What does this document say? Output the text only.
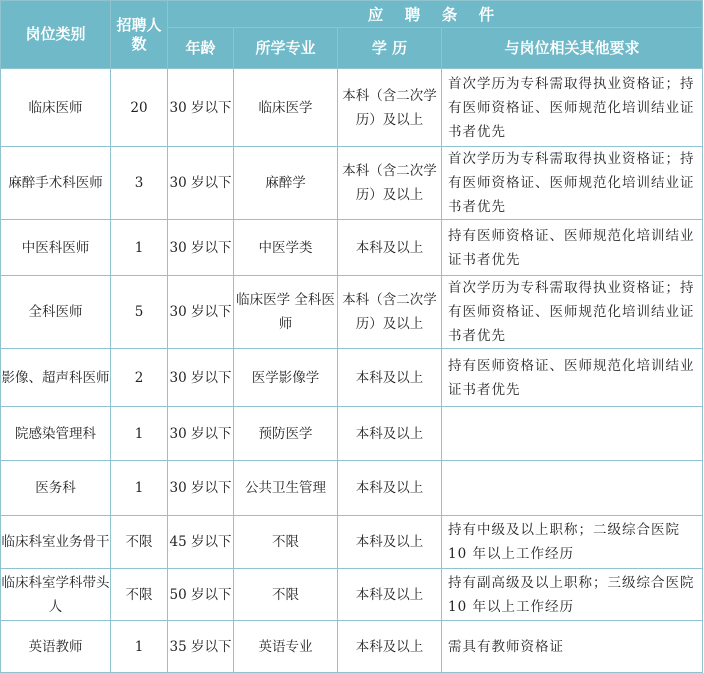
岗位类别	招聘人数	应 聘 条 件			
		年龄	所学专业	学 历	与岗位相关其他要求
临床医师	20	30 岁以下	临床医学	本科（含二次学历）及以上	首次学历为专科需取得执业资格证；持有医师资格证、医师规范化培训结业证书者优先
麻醉手术科医师	3	30 岁以下	麻醉学	本科（含二次学历）及以上	首次学历为专科需取得执业资格证；持有医师资格证、医师规范化培训结业证书者优先
中医科医师	1	30 岁以下	中医学类	本科及以上	持有医师资格证、医师规范化培训结业证书者优先
全科医师	5	30 岁以下	临床医学 全科医师	本科（含二次学历）及以上	首次学历为专科需取得执业资格证；持有医师资格证、医师规范化培训结业证书者优先
影像、超声科医师	2	30 岁以下	医学影像学	本科及以上	持有医师资格证、医师规范化培训结业证书者优先
院感染管理科	1	30 岁以下	预防医学	本科及以上	
医务科	1	30 岁以下	公共卫生管理	本科及以上	
临床科室业务骨干	不限	45 岁以下	不限	本科及以上	持有中级及以上职称；二级综合医院10 年以上工作经历
临床科室学科带头人	不限	50 岁以下	不限	本科及以上	持有副高级及以上职称；三级综合医院 10 年以上工作经历
英语教师	1	35 岁以下	英语专业	本科及以上	需具有教师资格证
